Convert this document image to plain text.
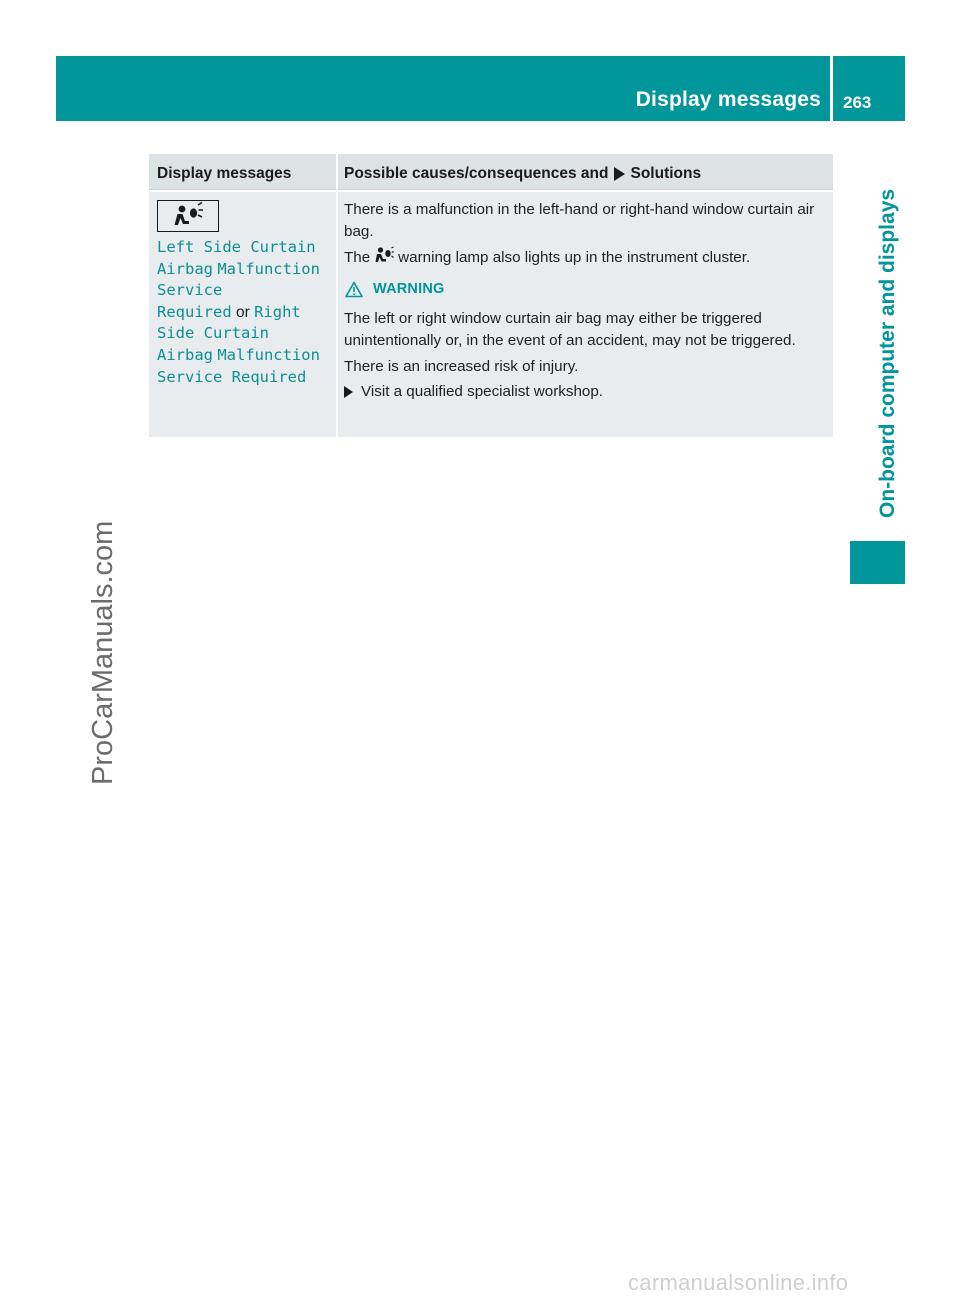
Display messages 263
On-board computer and displays
ProCarManuals.com
carmanualsonline.info
Display messages	Possible causes/consequences and Solutions
Left Side Curtain
Airbag Malfunction
Service
Required or Right
Side Curtain
Airbag Malfunction
Service Required
There is a malfunction in the left-hand or right-hand window curtain air bag.
The warning lamp also lights up in the instrument cluster.
WARNING
The left or right window curtain air bag may either be triggered unintentionally or, in the event of an accident, may not be triggered.
There is an increased risk of injury.
Visit a qualified specialist workshop.
